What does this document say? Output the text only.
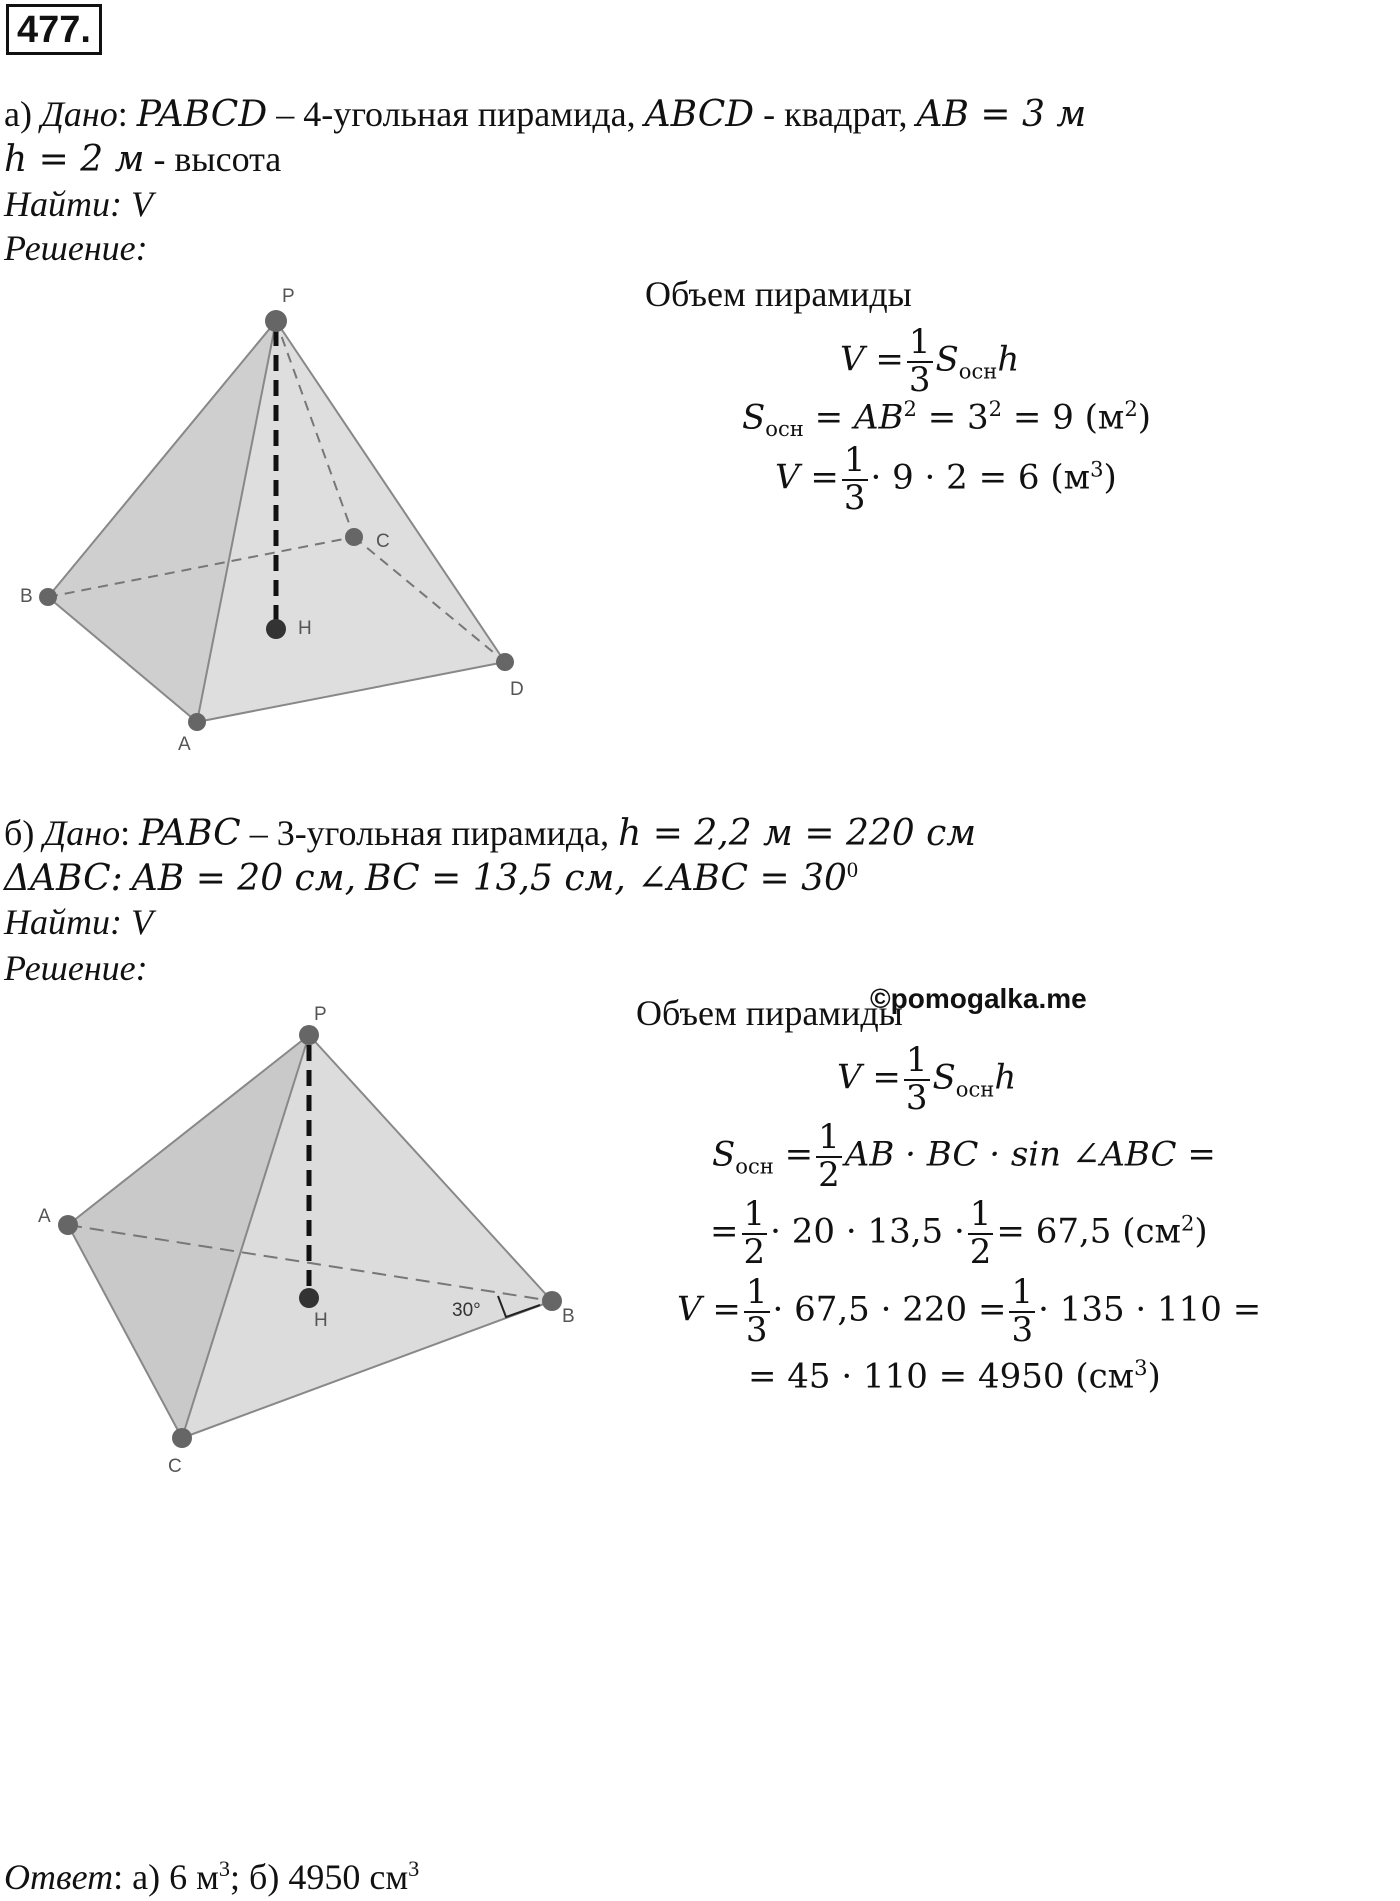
477.
а) Дано: PABCD – 4-угольная пирамида, ABCD - квадрат, AB = 3 м
h = 2 м - высота
Найти: V
Решение:
P
B
C
H
D
A
Объем пирамиды
$V = \frac{1}{3} S_{осн}h$
$S_{осн} = AB^2 = 3^2 = 9$ $(м^2)$
$V = \frac{1}{3} \cdot 9 \cdot 2 = 6$ $(м^3)$
б) Дано: PABC – 3-угольная пирамида, h = 2,2 м = 220 см
ΔABC: AB = 20 см, BC = 13,5 см, ∠ABC = $30^0$
Найти: V
Решение:
P
A
H	B
C
30°
Объем пирамиды
©pomogalka.me
$V = \frac{1}{3} S_{осн}h$
$S_{осн} = \frac{1}{2}$ AB · BC · sin ∠ABC =
= $\frac{1}{2} \cdot 20 \cdot 13,5 \cdot \frac{1}{2} = 67,5$ $(см^2)$
$V = \frac{1}{3} \cdot 67,5 \cdot 220 = \frac{1}{3} \cdot 135 \cdot 110$ =
= 45 · 110 = 4950 $(см^3)$
Ответ: а) 6 $м^3$; б) 4950 $см^3$
